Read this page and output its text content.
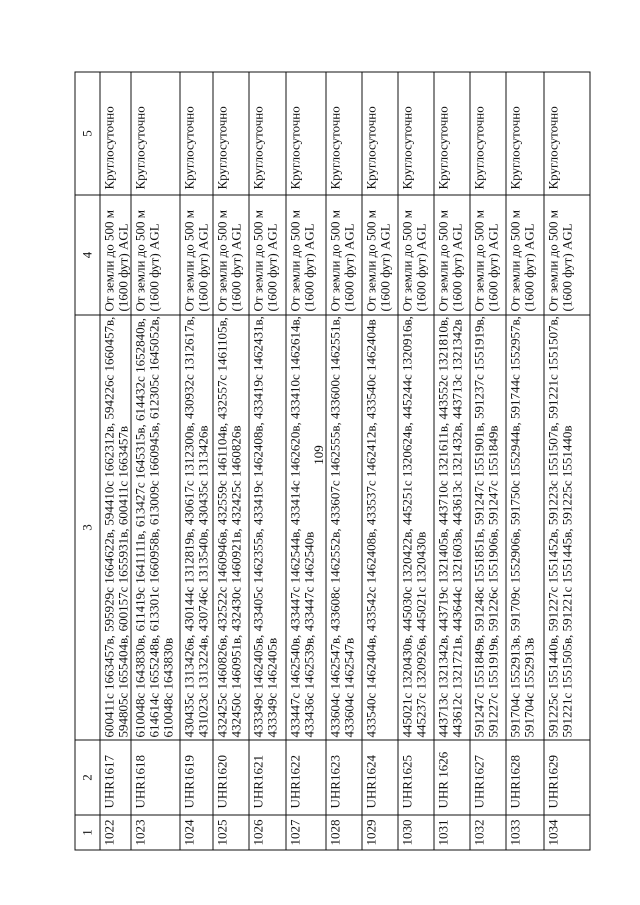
1
2
3
4
5
1022
UHR1617
600411с 1663457в, 595929с 1664622в, 594410с 1662312в, 594226с 1660457в, 594805с 1655404в, 600157с 1655931в, 600411с 1663457в
От земли до 500 м (1600 фут) AGL
Круглосуточно
1023
UHR1618
610048с 1643830в, 611419с 1641111в, 613427с 1645315в, 614432с 1652840в, 614614с 1655248в, 613301с 1660958в, 613009с 1660945в, 612305с 1645052в, 610048с 1643830в
От земли до 500 м (1600 фут) AGL
Круглосуточно
1024
UHR1619
430435с 1313426в, 430144с 1312819в, 430617с 1312300в, 430932с 1312617в, 431023с 1313224в, 430746с 1313540в, 430435с 1313426в
От земли до 500 м (1600 фут) AGL
Круглосуточно
1025
UHR1620
432425с 1460826в, 432522с 1460946в, 432559с 1461104в, 432557с 1461105в, 432450с 1460951в, 432430с 1460921в, 432425с 1460826в
От земли до 500 м (1600 фут) AGL
Круглосуточно
1026
UHR1621
433349с 1462405в, 433405с 1462355в, 433419с 1462408в, 433419с 1462431в, 433349с 1462405в
От земли до 500 м (1600 фут) AGL
Круглосуточно
1027
UHR1622
433447с 1462540в, 433447с 1462544в, 433414с 1462620в, 433410с 1462614в, 433436с 1462539в, 433447с 1462540в
От земли до 500 м (1600 фут) AGL
Круглосуточно
1028
UHR1623
433604с 1462547в, 433608с 1462552в, 433607с 1462555в, 433600с 1462551в, 433604с 1462547в
От земли до 500 м (1600 фут) AGL
Круглосуточно
1029
UHR1624
433540с 1462404в, 433542с 1462408в, 433537с 1462412в, 433540с 1462404в
От земли до 500 м (1600 фут) AGL
Круглосуточно
1030
UHR1625
445021с 1320430в, 445030с 1320422в, 445251с 1320624в, 445244с 1320916в, 445237с 1320926в, 445021с 1320430в
От земли до 500 м (1600 фут) AGL
Круглосуточно
1031
UHR 1626
443713с 1321342в, 443719с 1321405в, 443710с 1321611в, 443552с 1321810в, 443612с 1321721в, 443644с 1321603в, 443613с 1321432в, 443713с 1321342в
От земли до 500 м (1600 фут) AGL
Круглосуточно
1032
UHR1627
591247с 1551849в, 591248с 1551851в, 591247с 1551901в, 591237с 1551919в, 591227с 1551919в, 591226с 1551906в, 591247с 1551849в
От земли до 500 м (1600 фут) AGL
Круглосуточно
1033
UHR1628
591704с 1552913в, 591709с 1552906в, 591750с 1552944в, 591744с 1552957в, 591704с 1552913в
От земли до 500 м (1600 фут) AGL
Круглосуточно
1034
UHR1629
591225с 1551440в, 591227с 1551452в, 591223с 1551507в, 591221с 1551507в, 591221с 1551505в, 591221с 1551445в, 591225с 1551440в
От земли до 500 м (1600 фут) AGL
Круглосуточно
109
